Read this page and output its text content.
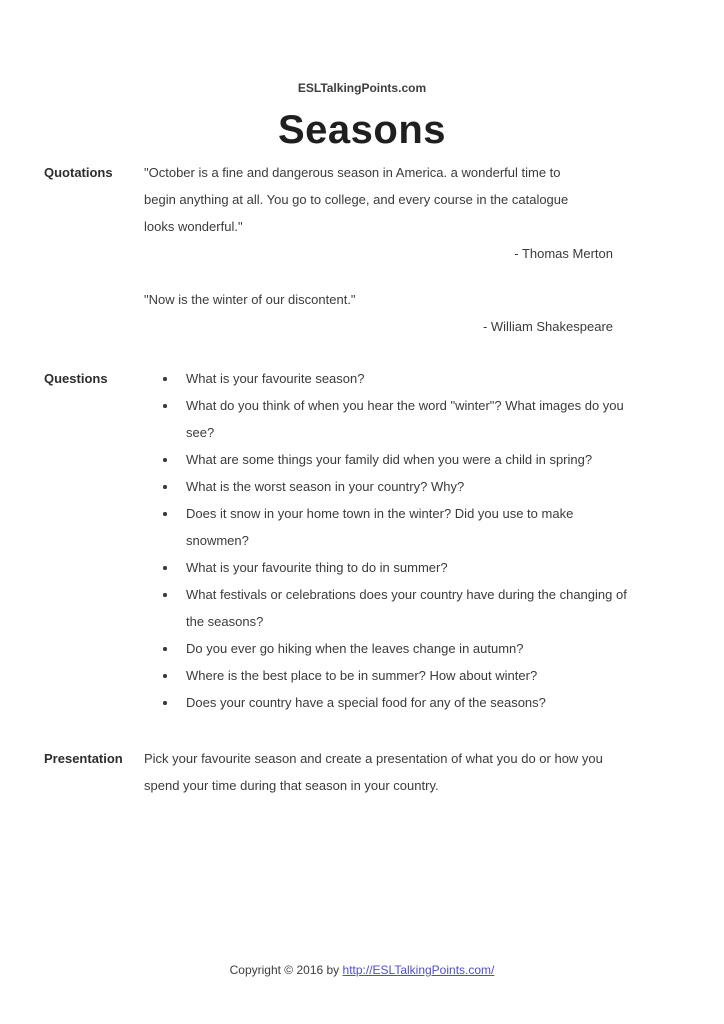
ESLTalkingPoints.com
Seasons
Quotations	"October is a fine and dangerous season in America. a wonderful time to
begin anything at all. You go to college, and every course in the catalogue
looks wonderful."
- Thomas Merton
"Now is the winter of our discontent."
- William Shakespeare
Questions	What is your favourite season?
What do you think of when you hear the word "winter"? What images do you
see?
What are some things your family did when you were a child in spring?
What is the worst season in your country? Why?
Does it snow in your home town in the winter? Did you use to make
snowmen?
What is your favourite thing to do in summer?
What festivals or celebrations does your country have during the changing of
the seasons?
Do you ever go hiking when the leaves change in autumn?
Where is the best place to be in summer? How about winter?
Does your country have a special food for any of the seasons?
Presentation	Pick your favourite season and create a presentation of what you do or how you
spend your time during that season in your country.
Copyright © 2016 by http://ESLTalkingPoints.com/
